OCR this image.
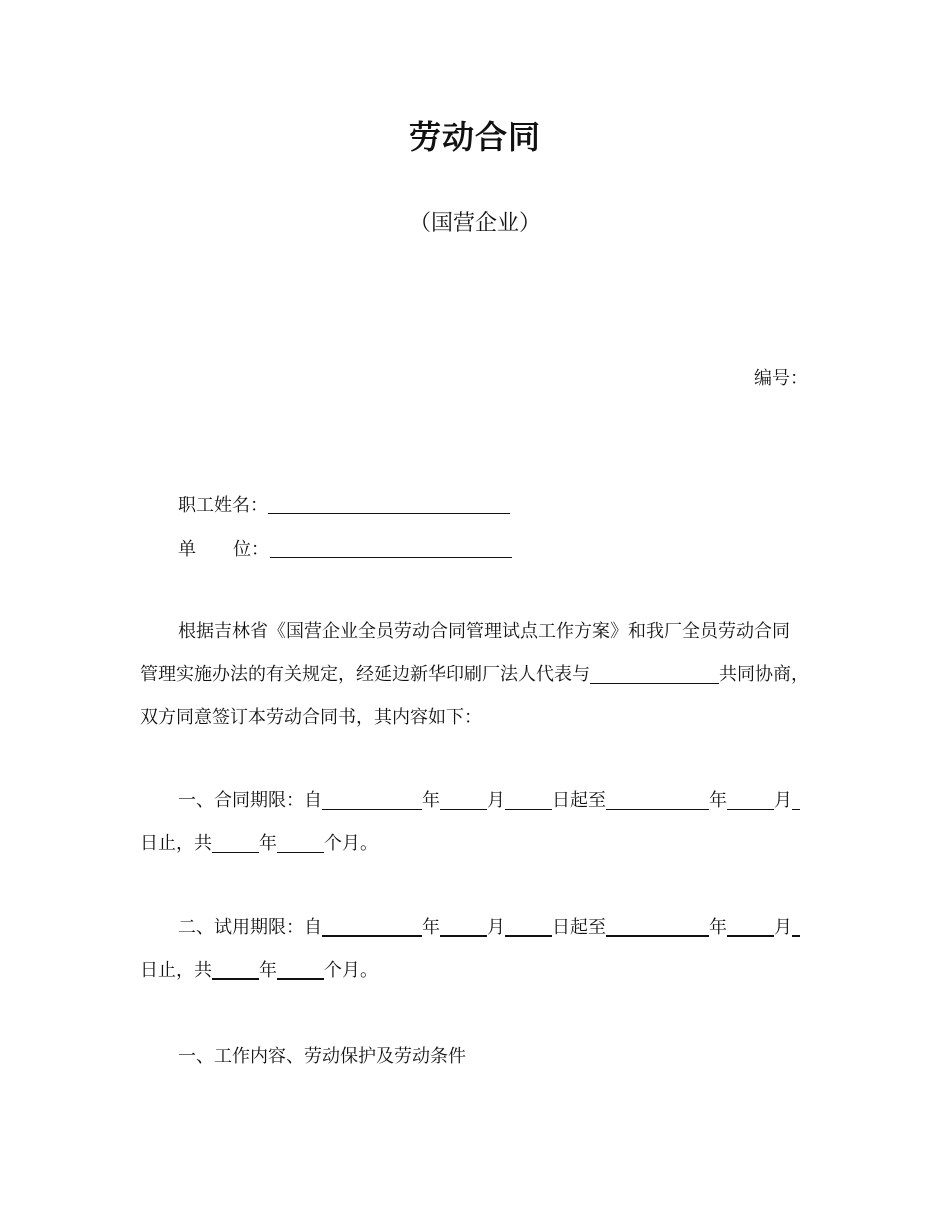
劳动合同
（国营企业）
编号：
职工姓名：
单 位：
根据吉林省《国营企业全员劳动合同管理试点工作方案》和我厂全员劳动合同
管理实施办法的有关规定，经延边新华印刷厂法人代表与	共同协商，
双方同意签订本劳动合同书，其内容如下：
一、合同期限：自	年	月	日起至	年	月
日止，共	年	个月。
二、试用期限：自	年	月	日起至	年	月
日止，共	年	个月。
一、工作内容、劳动保护及劳动条件
